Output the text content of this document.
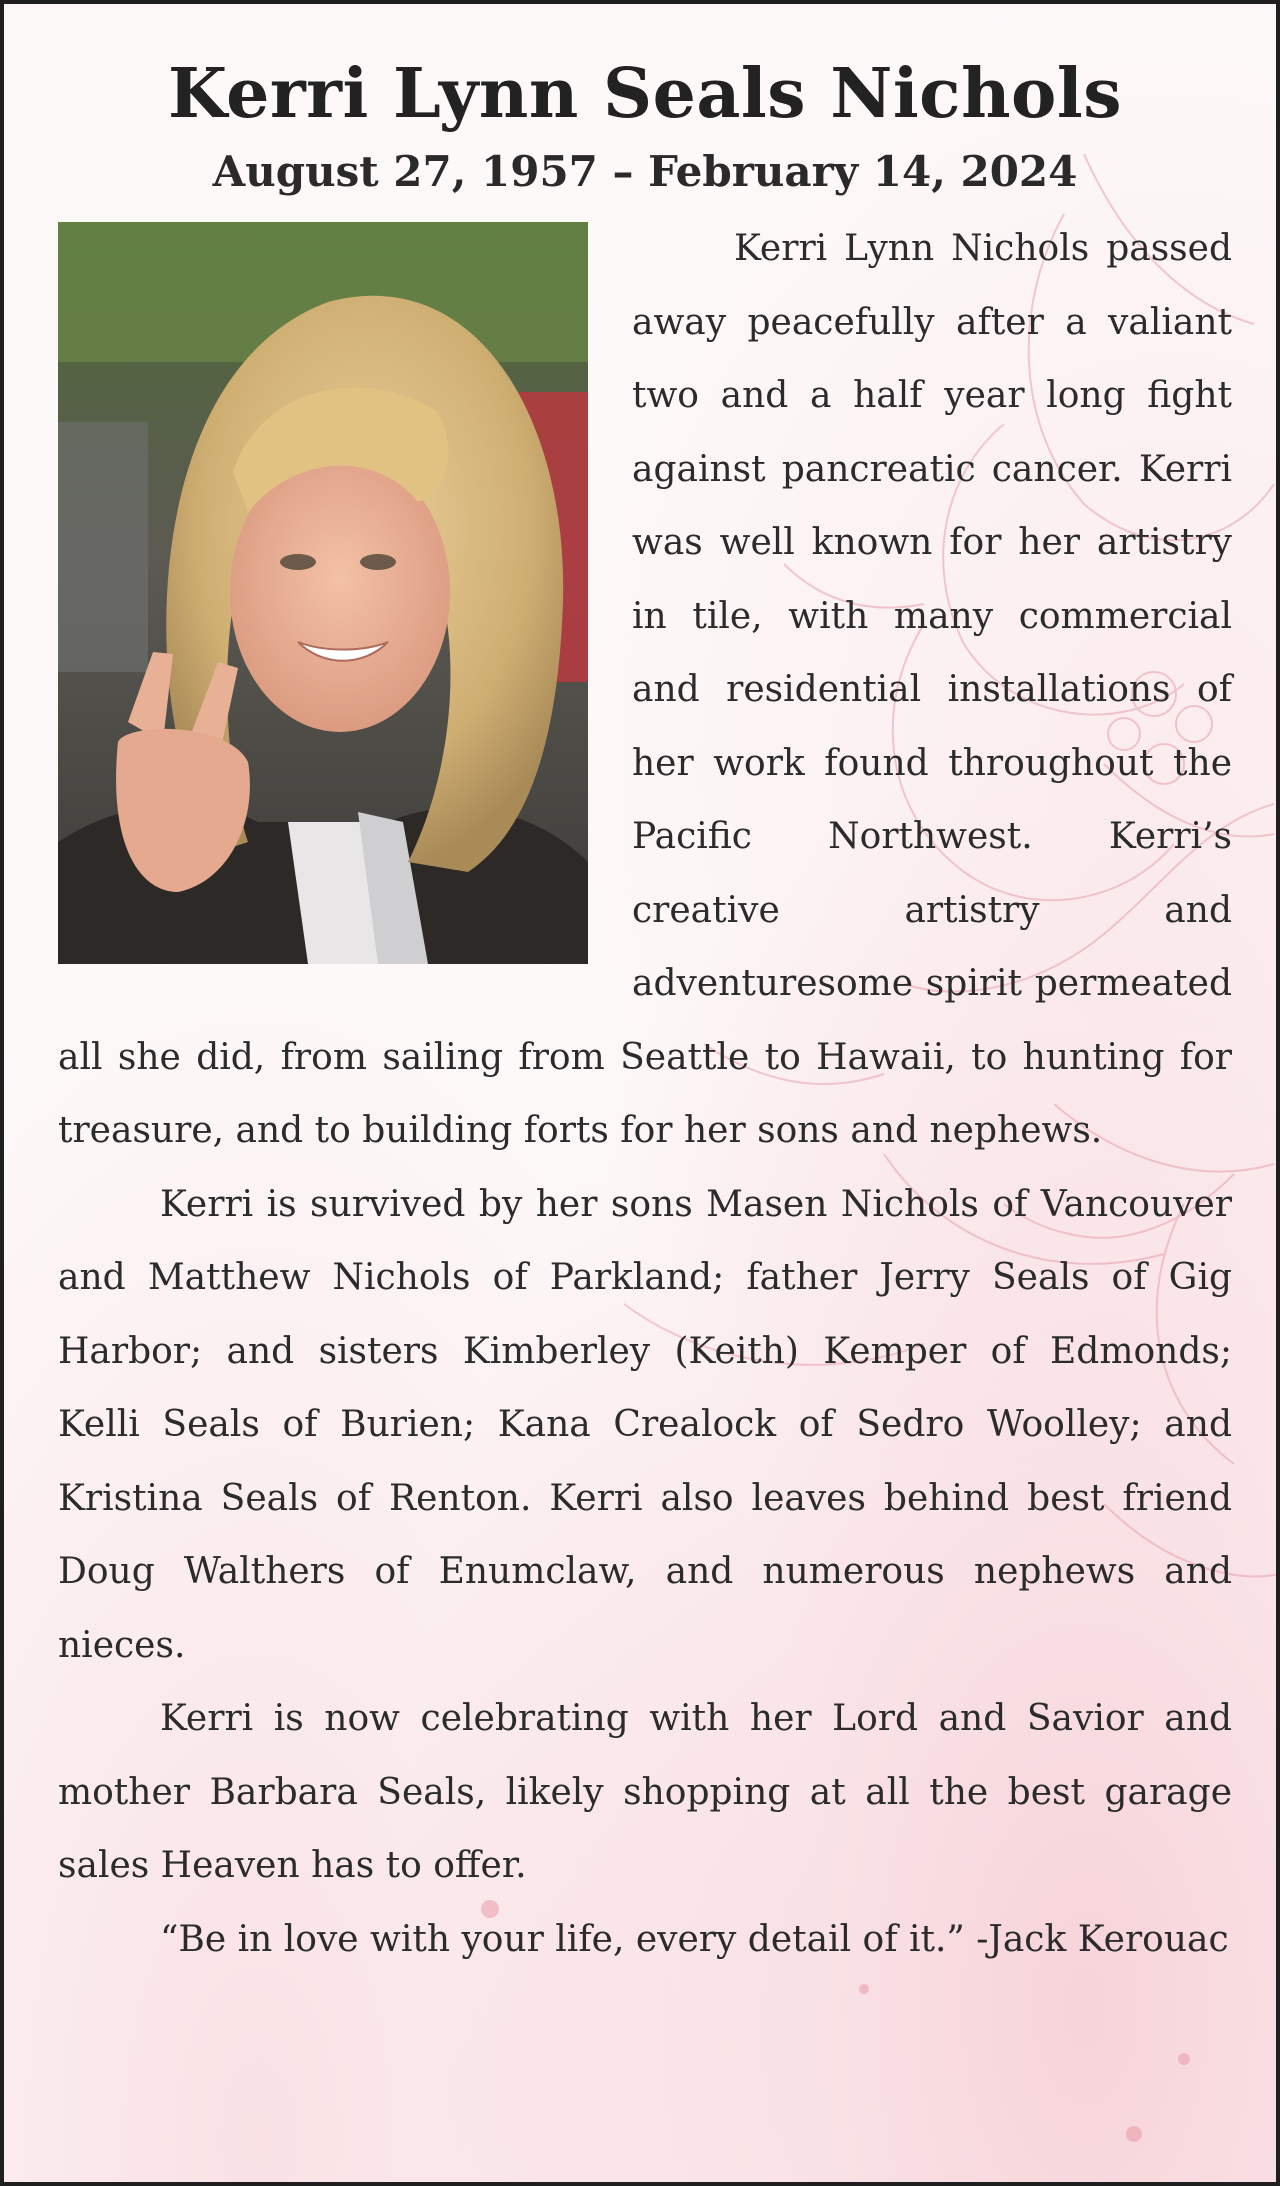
Kerri Lynn Seals Nichols
August 27, 1957 – February 14, 2024

Kerri Lynn Nichols passed away peacefully after a valiant two and a half year long fight against pancreatic cancer. Kerri was well known for her artistry in tile, with many commercial and residential installations of her work found throughout the Pacific Northwest. Kerri’s creative artistry and adventuresome spirit permeated all she did, from sailing from Seattle to Hawaii, to hunting for treasure, and to building forts for her sons and nephews.

Kerri is survived by her sons Masen Nichols of Vancouver and Matthew Nichols of Parkland; father Jerry Seals of Gig Harbor; and sisters Kimberley (Keith) Kemper of Edmonds; Kelli Seals of Burien; Kana Crealock of Sedro Woolley; and Kristina Seals of Renton. Kerri also leaves behind best friend Doug Walthers of Enumclaw, and numerous nephews and nieces.

Kerri is now celebrating with her Lord and Savior and mother Barbara Seals, likely shopping at all the best garage sales Heaven has to offer.

“Be in love with your life, every detail of it.” -Jack Kerouac
